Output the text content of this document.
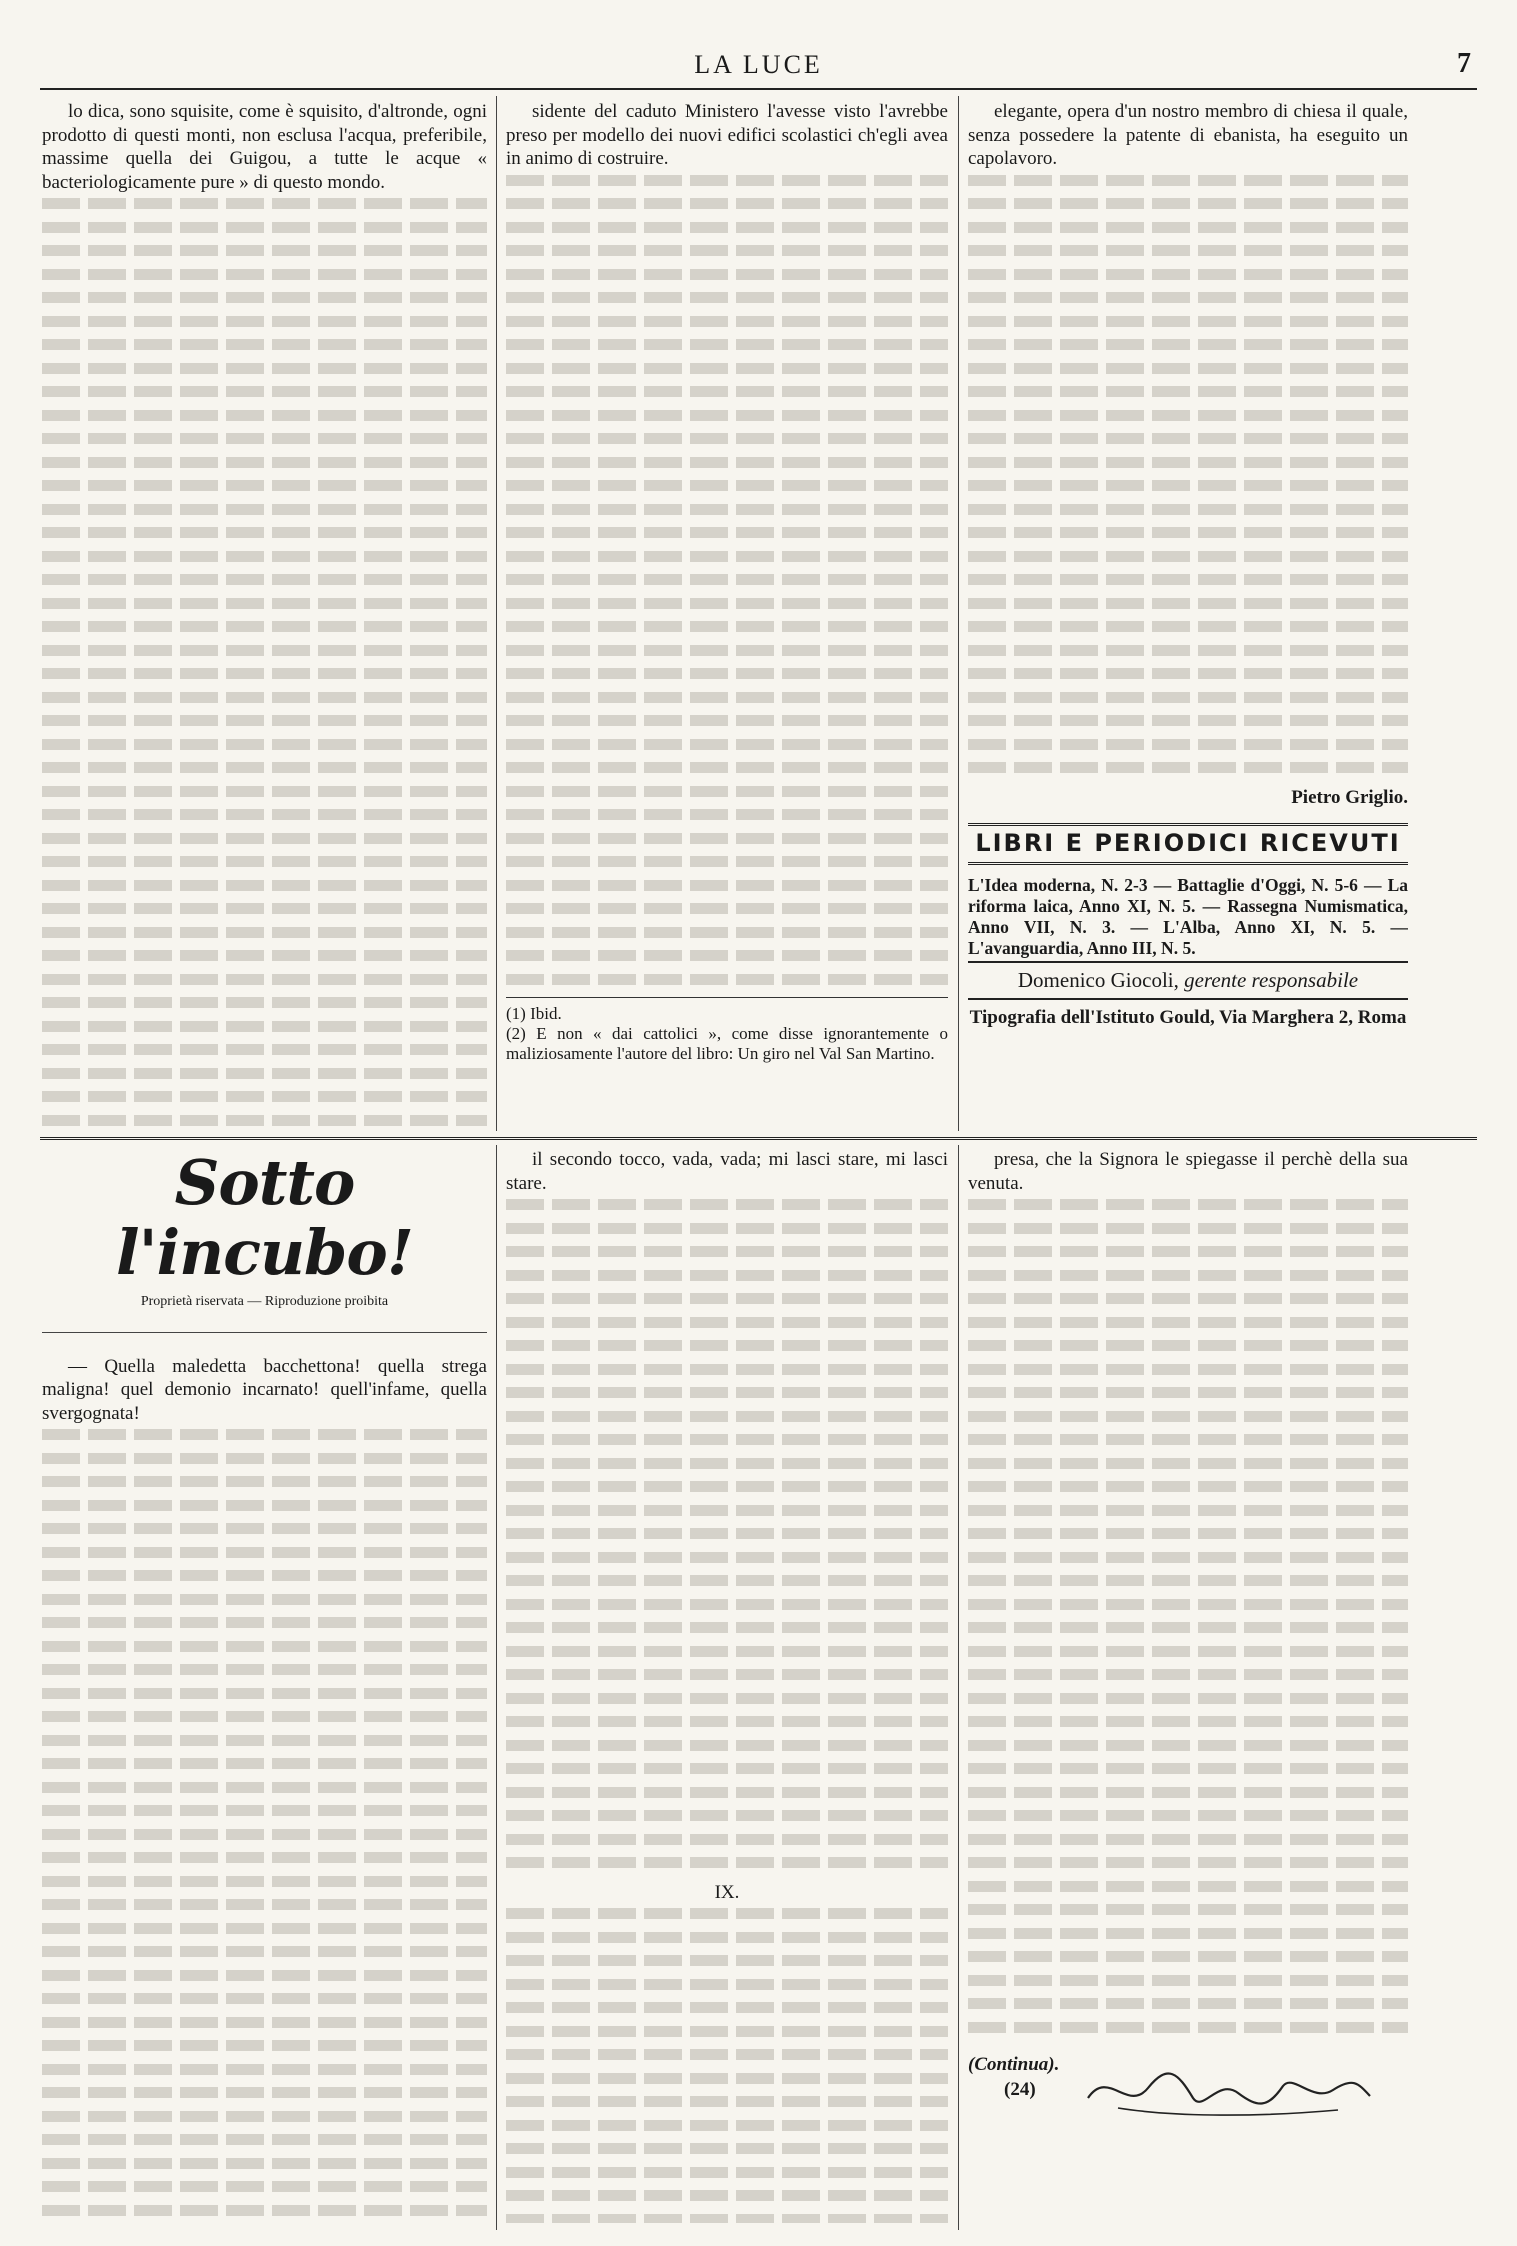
LA LUCE	7

lo dica, sono squisite, come è squisito, d'altronde, ogni prodotto di questi monti, non esclusa l'acqua, preferibile, massime quella dei Guigou, a tutte le acque « bacteriologicamente pure » di questo mondo.

sidente del caduto Ministero l'avesse visto l'avrebbe preso per modello dei nuovi edifici scolastici ch'egli avea in animo di costruire.

(1) Ibid.
(2) E non « dai cattolici », come disse ignorantemente o maliziosamente l'autore del libro: Un giro nel Val San Martino.

elegante, opera d'un nostro membro di chiesa il quale, senza possedere la patente di ebanista, ha eseguito un capolavoro.

Pietro Griglio.

LIBRI E PERIODICI RICEVUTI

L'Idea moderna, N. 2-3 — Battaglie d'Oggi, N. 5-6 — La riforma laica, Anno XI, N. 5. — Rassegna Numismatica, Anno VII, N. 3. — L'Alba, Anno XI, N. 5. — L'avanguardia, Anno III, N. 5.

Domenico Giocoli, gerente responsabile

Tipografia dell'Istituto Gould, Via Marghera 2, Roma

Sotto l'incubo!

Proprietà riservata — Riproduzione proibita

— Quella maledetta bacchettona! quella strega maligna! quel demonio incarnato! quell'infame, quella svergognata!

il secondo tocco, vada, vada; mi lasci stare, mi lasci stare.

IX.

presa, che la Signora le spiegasse il perchè della sua venuta.

(Continua).

(24)
